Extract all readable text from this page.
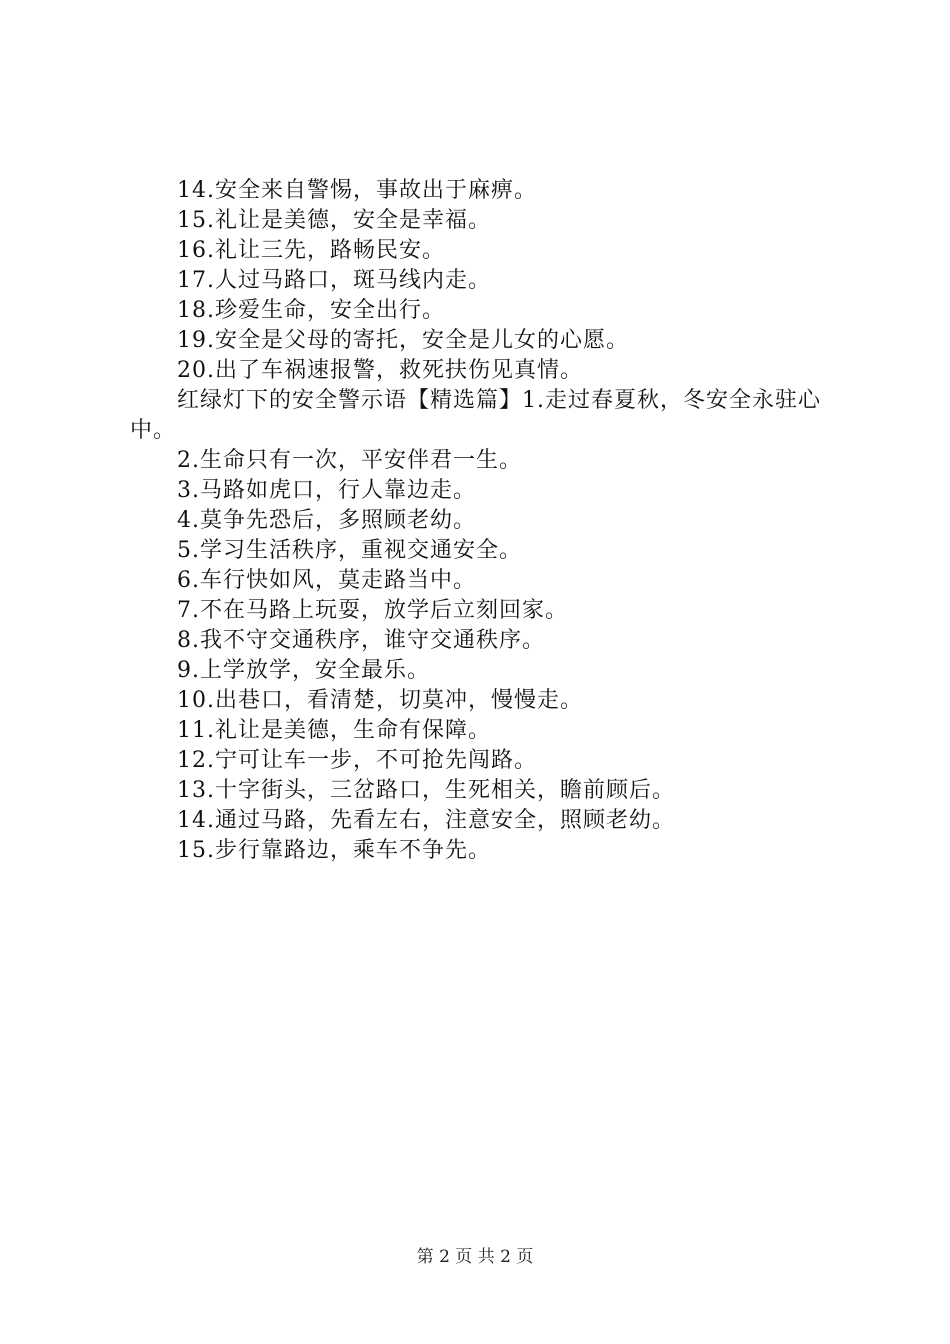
14.安全来自警惕，事故出于麻痹。
15.礼让是美德，安全是幸福。
16.礼让三先，路畅民安。
17.人过马路口，斑马线内走。
18.珍爱生命，安全出行。
19.安全是父母的寄托，安全是儿女的心愿。
20.出了车祸速报警，救死扶伤见真情。
红绿灯下的安全警示语【精选篇】1.走过春夏秋，冬安全永驻心中。
2.生命只有一次，平安伴君一生。
3.马路如虎口，行人靠边走。
4.莫争先恐后，多照顾老幼。
5.学习生活秩序，重视交通安全。
6.车行快如风，莫走路当中。
7.不在马路上玩耍，放学后立刻回家。
8.我不守交通秩序，谁守交通秩序。
9.上学放学，安全最乐。
10.出巷口，看清楚，切莫冲，慢慢走。
11.礼让是美德，生命有保障。
12.宁可让车一步，不可抢先闯路。
13.十字街头，三岔路口，生死相关，瞻前顾后。
14.通过马路，先看左右，注意安全，照顾老幼。
15.步行靠路边，乘车不争先。
第 2 页 共 2 页
